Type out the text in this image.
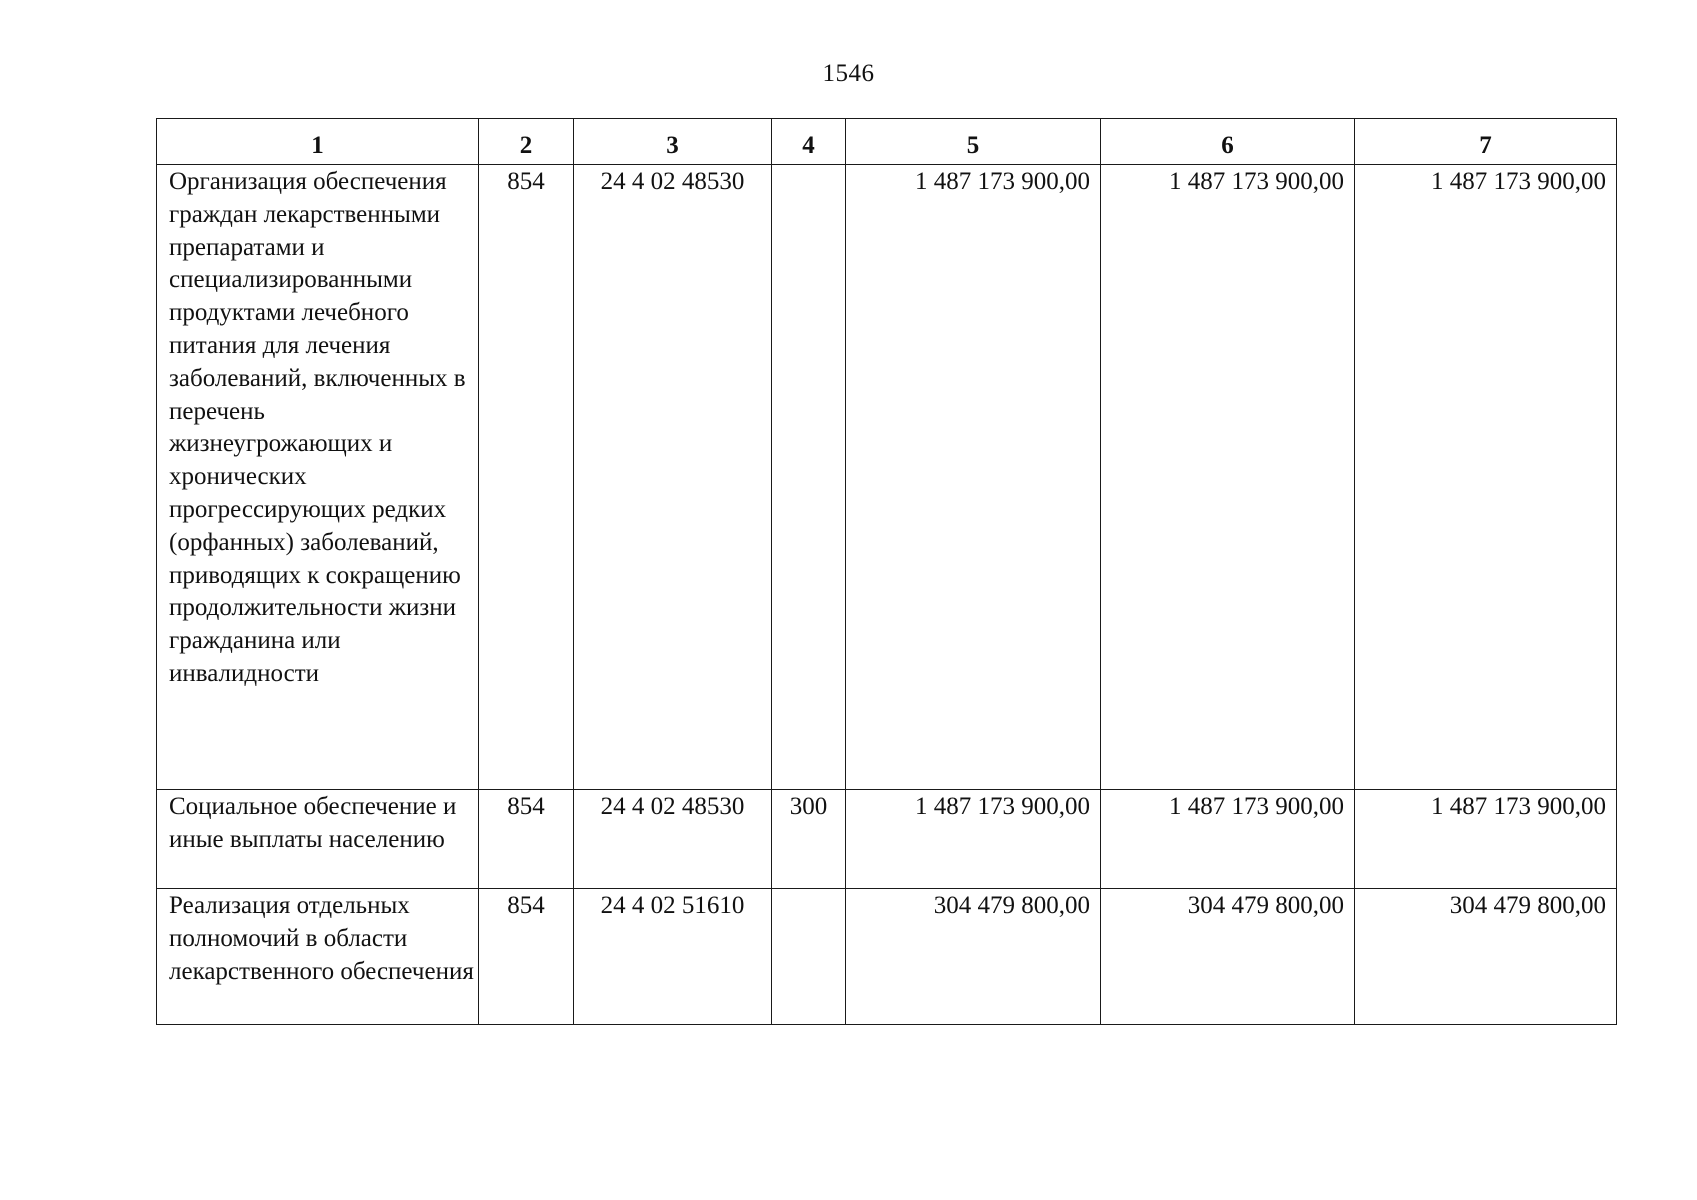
1546
1	2	3	4	5	6	7
Организация обеспечения граждан лекарственными препаратами и специализированными продуктами лечебного питания для лечения заболеваний, включенных в перечень жизнеугрожающих и хронических прогрессирующих редких (орфанных) заболеваний, приводящих к сокращению продолжительности жизни гражданина или инвалидности	854	24 4 02 48530		1 487 173 900,00	1 487 173 900,00	1 487 173 900,00
Социальное обеспечение и иные выплаты населению	854	24 4 02 48530	300	1 487 173 900,00	1 487 173 900,00	1 487 173 900,00
Реализация отдельных полномочий в области лекарственного обеспечения	854	24 4 02 51610		304 479 800,00	304 479 800,00	304 479 800,00
